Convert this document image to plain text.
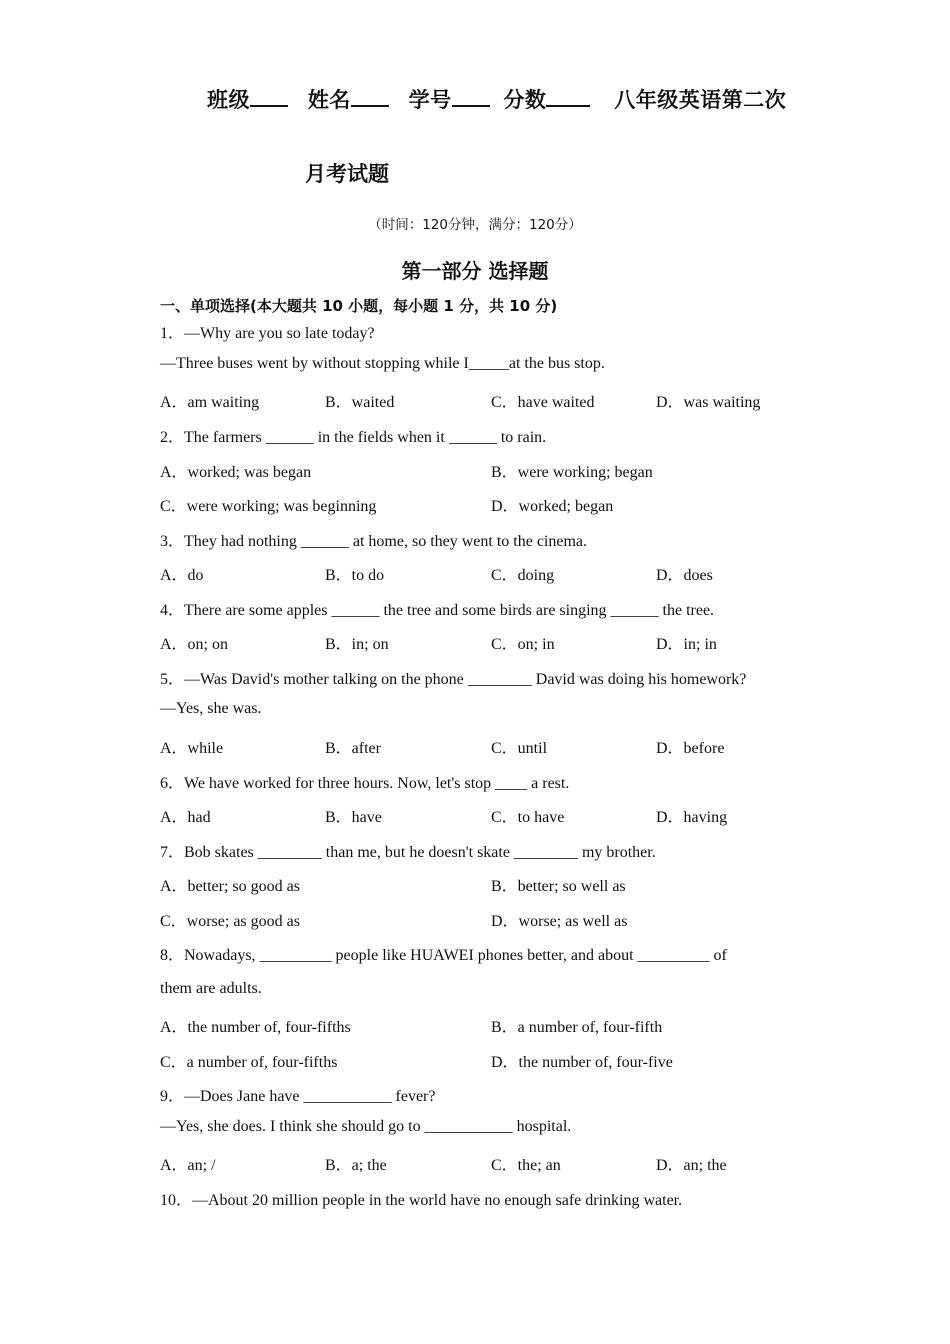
班级	姓名	学号 分数	八年级英语第二次
月考试题
（时间：120分钟，满分：120分）
第一部分 选择题
一、单项选择(本大题共 10 小题，每小题 1 分，共 10 分)
1．—Why are you so late today?
—Three buses went by without stopping while I_____at the bus stop.
A．am waiting	B．waited	C．have waited	D．was waiting
2．The farmers ______ in the fields when it ______ to rain.
A．worked; was began	B．were working; began
C．were working; was beginning	D．worked; began
3．They had nothing ______ at home, so they went to the cinema.
A．do	B．to do	C．doing	D．does
4．There are some apples ______ the tree and some birds are singing ______ the tree.
A．on; on	B．in; on	C．on; in	D．in; in
5．—Was David's mother talking on the phone ________ David was doing his homework?
—Yes, she was.
A．while	B．after	C．until	D．before
6．We have worked for three hours. Now, let's stop ____ a rest.
A．had	B．have	C．to have	D．having
7．Bob skates ________ than me, but he doesn't skate ________ my brother.
A．better; so good as	B．better; so well as
C．worse; as good as	D．worse; as well as
8．Nowadays, _________ people like HUAWEI phones better, and about _________ of
them are adults.
A．the number of, four-fifths	B．a number of, four-fifth
C．a number of, four-fifths	D．the number of, four-five
9．—Does Jane have ___________ fever?
—Yes, she does. I think she should go to ___________ hospital.
A．an; /	B．a; the	C．the; an	D．an; the
10．—About 20 million people in the world have no enough safe drinking water.
